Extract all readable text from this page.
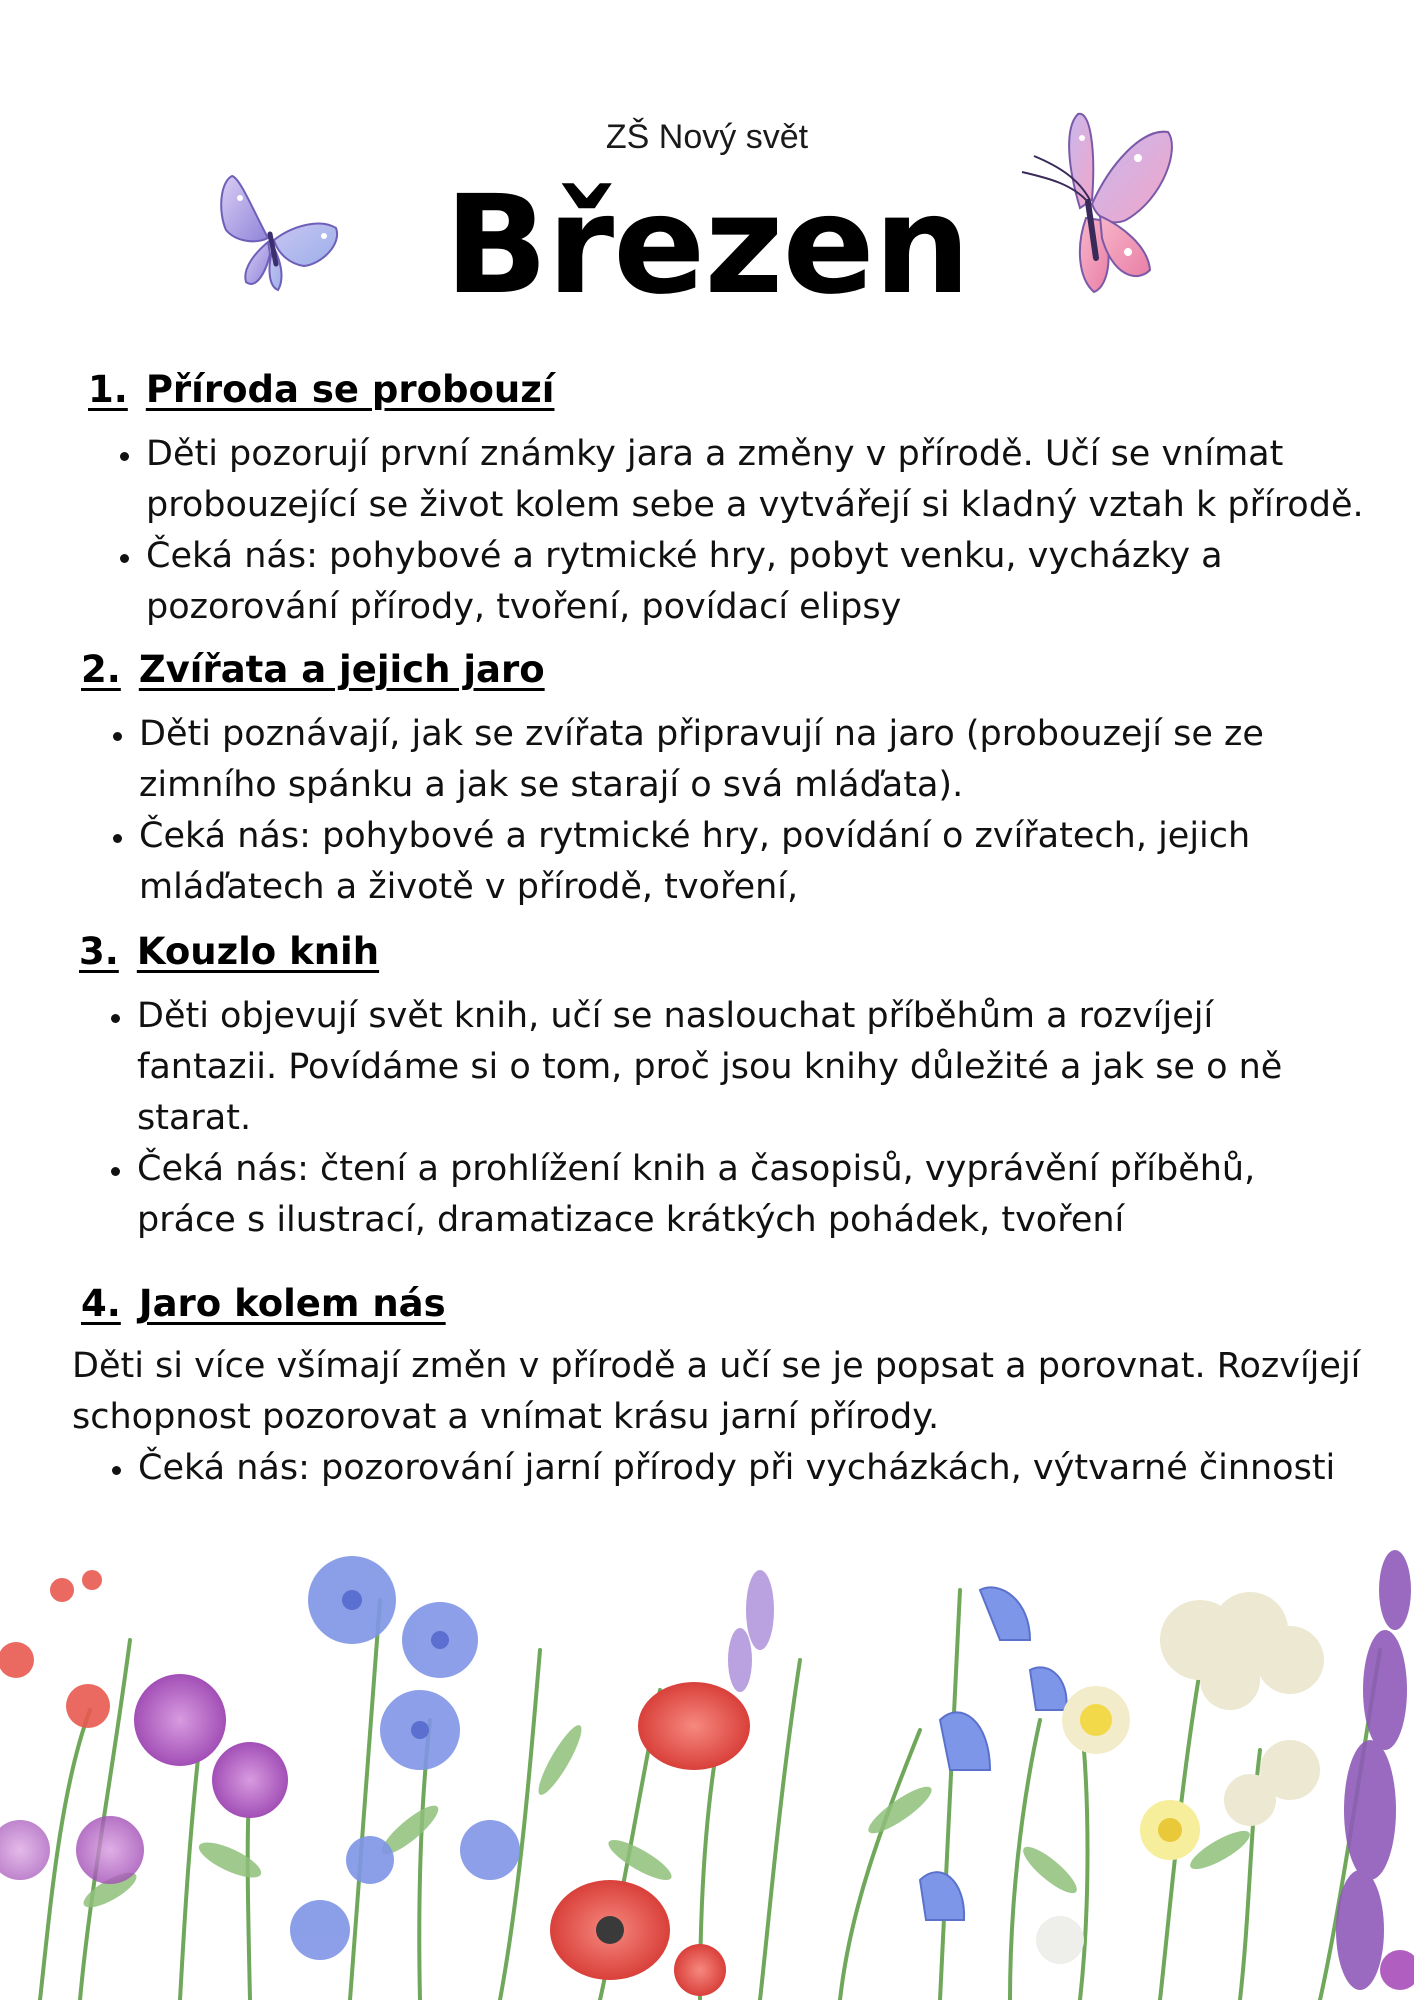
ZŠ Nový svět
Březen
1. Příroda se probouzí
• Děti pozorují první známky jara a změny v přírodě. Učí se vnímat probouzející se život kolem sebe a vytvářejí si kladný vztah k přírodě.
• Čeká nás: pohybové a rytmické hry, pobyt venku, vycházky a pozorování přírody, tvoření, povídací elipsy
2. Zvířata a jejich jaro
• Děti poznávají, jak se zvířata připravují na jaro (probouzejí se ze zimního spánku a jak se starají o svá mláďata).
• Čeká nás: pohybové a rytmické hry, povídání o zvířatech, jejich mláďatech a životě v přírodě, tvoření,
3. Kouzlo knih
• Děti objevují svět knih, učí se naslouchat příběhům a rozvíjejí fantazii. Povídáme si o tom, proč jsou knihy důležité a jak se o ně starat.
• Čeká nás: čtení a prohlížení knih a časopisů, vyprávění příběhů, práce s ilustrací, dramatizace krátkých pohádek, tvoření
4. Jaro kolem nás

Děti si více všímají změn v přírodě a učí se je popsat a porovnat. Rozvíjejí schopnost pozorovat a vnímat krásu jarní přírody.

• Čeká nás: pozorování jarní přírody při vycházkách, výtvarné činnosti
